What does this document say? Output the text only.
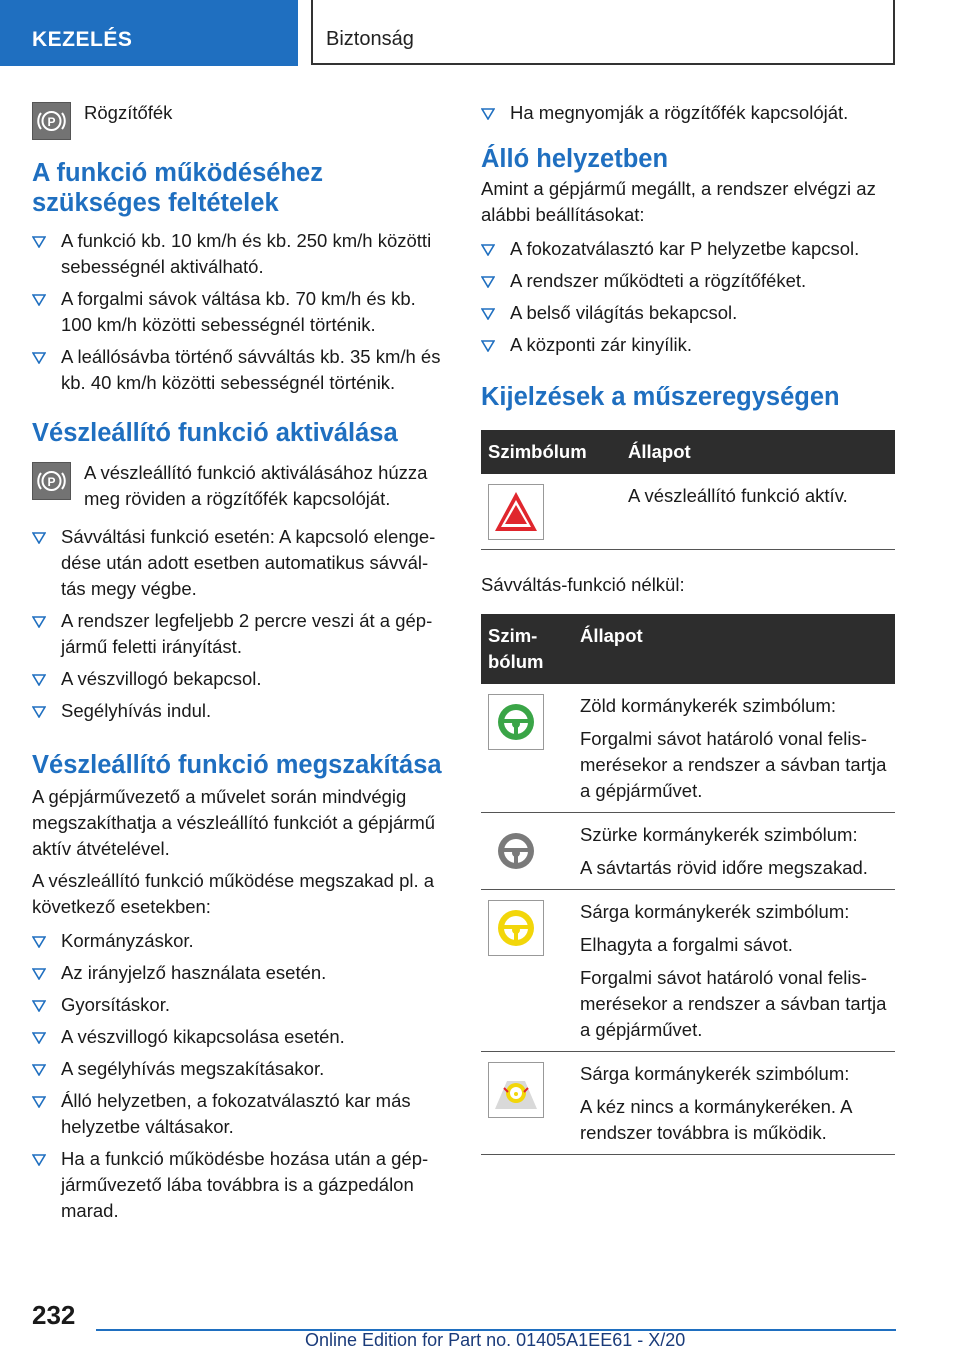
KEZELÉS	Biztonság
P Rögzítőfék
A funkció működéséhez szükséges feltételek
A funkció kb. 10 km/h és kb. 250 km/h közötti sebességnél aktiválható.
A forgalmi sávok váltása kb. 70 km/h és kb. 100 km/h közötti sebességnél történik.
A leállósávba történő sávváltás kb. 35 km/h és kb. 40 km/h közötti sebességnél történik.
Vészleállító funkció aktiválása
P A vészleállító funkció aktiválásához húzza meg röviden a rögzítőfék kapcsolóját.
Sávváltási funkció esetén: A kapcsoló elenge-dése után adott esetben automatikus sávvál-tás megy végbe.
A rendszer legfeljebb 2 percre veszi át a gép-jármű feletti irányítást.
A vészvillogó bekapcsol.
Segélyhívás indul.
Vészleállító funkció megszakítása
A gépjárművezető a művelet során mindvégig megszakíthatja a vészleállító funkciót a gépjármű aktív átvételével.
A vészleállító funkció működése megszakad pl. a következő esetekben:
Kormányzáskor.
Az irányjelző használata esetén.
Gyorsításkor.
A vészvillogó kikapcsolása esetén.
A segélyhívás megszakításakor.
Álló helyzetben, a fokozatválasztó kar más helyzetbe váltásakor.
Ha a funkció működésbe hozása után a gép-járművezető lába továbbra is a gázpedálon marad.
Ha megnyomják a rögzítőfék kapcsolóját.
Álló helyzetben
Amint a gépjármű megállt, a rendszer elvégzi az alábbi beállításokat:
A fokozatválasztó kar P helyzetbe kapcsol.
A rendszer működteti a rögzítőféket.
A belső világítás bekapcsol.
A központi zár kinyílik.
Kijelzések a műszeregységen
Szimbólum	Állapot

	A vészleállító funkció aktív.
Sávváltás-funkció nélkül:
Szim-bólum	Állapot

Zöld kormánykerék szimbólum:
Forgalmi sávot határoló vonal felis-merésekor a rendszer a sávban tartja a gépjárművet.

Szürke kormánykerék szimbólum:
A sávtartás rövid időre megszakad.

Sárga kormánykerék szimbólum:
Elhagyta a forgalmi sávot.
Forgalmi sávot határoló vonal felis-merésekor a rendszer a sávban tartja a gépjárművet.

Sárga kormánykerék szimbólum:
A kéz nincs a kormánykeréken. A rendszer továbbra is működik.
232
Online Edition for Part no. 01405A1EE61 - X/20
